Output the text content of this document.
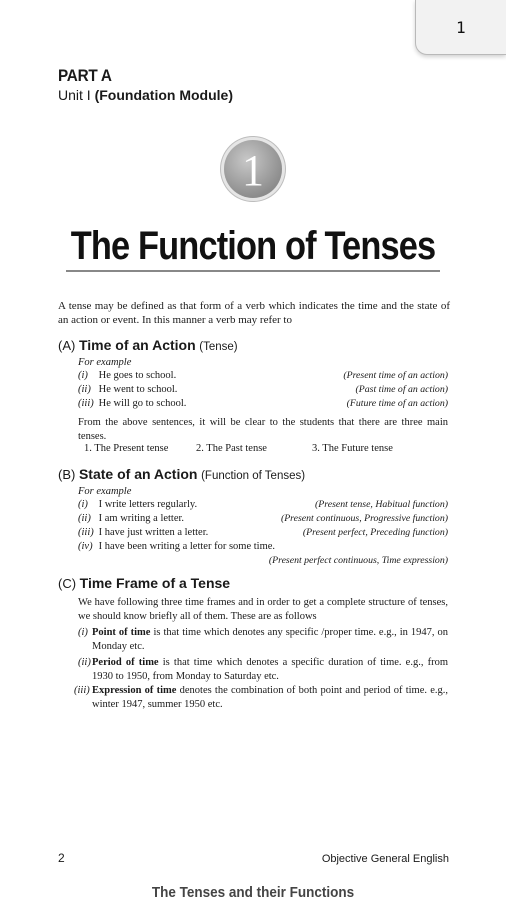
1
PART A
Unit I (Foundation Module)
1
The Function of Tenses
A tense may be defined as that form of a verb which indicates the time and the state of an action or event. In this manner a verb may refer to
(A) Time of an Action (Tense)
For example
(i) He goes to school.	(Present time of an action)
(ii) He went to school.	(Past time of an action)
(iii) He will go to school.	(Future time of an action)
From the above sentences, it will be clear to the students that there are three main tenses.
1. The Present tense	2. The Past tense	3. The Future tense
(B) State of an Action (Function of Tenses)
For example
(i) I write letters regularly.	(Present tense, Habitual function)
(ii) I am writing a letter.	(Present continuous, Progressive function)
(iii) I have just written a letter.	(Present perfect, Preceding function)
(iv) I have been writing a letter for some time.
(Present perfect continuous, Time expression)
(C) Time Frame of a Tense
We have following three time frames and in order to get a complete structure of tenses, we should know briefly all of them. These are as follows
(i) Point of time is that time which denotes any specific /proper time. e.g., in 1947, on Monday etc.
(ii) Period of time is that time which denotes a specific duration of time. e.g., from 1930 to 1950, from Monday to Saturday etc.
(iii) Expression of time denotes the combination of both point and period of time. e.g., winter 1947, summer 1950 etc.
2	Objective General English
The Tenses and their Functions
